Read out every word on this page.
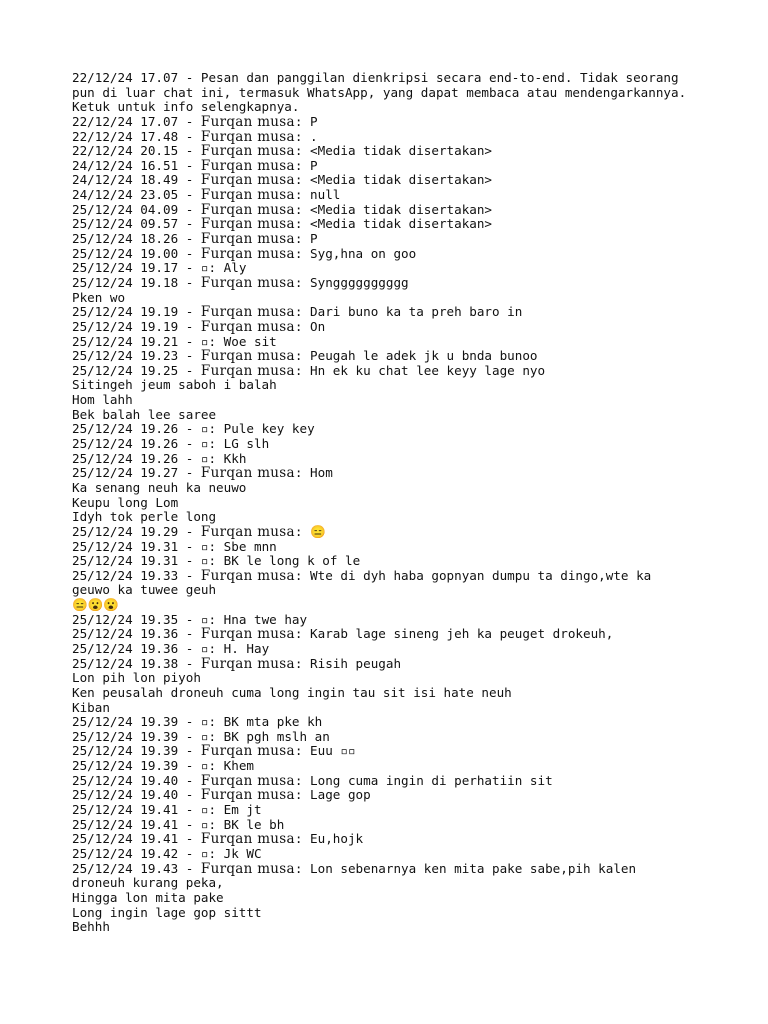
22/12/24 17.07 - Pesan dan panggilan dienkripsi secara end-to-end. Tidak seorang
pun di luar chat ini, termasuk WhatsApp, yang dapat membaca atau mendengarkannya.
Ketuk untuk info selengkapnya.
22/12/24 17.07 - Furqan musa: P
22/12/24 17.48 - Furqan musa: .
22/12/24 20.15 - Furqan musa: <Media tidak disertakan>
24/12/24 16.51 - Furqan musa: P
24/12/24 18.49 - Furqan musa: <Media tidak disertakan>
24/12/24 23.05 - Furqan musa: null
25/12/24 04.09 - Furqan musa: <Media tidak disertakan>
25/12/24 09.57 - Furqan musa: <Media tidak disertakan>
25/12/24 18.26 - Furqan musa: P
25/12/24 19.00 - Furqan musa: Syg,hna on goo
25/12/24 19.17 - ▫: Aly
25/12/24 19.18 - Furqan musa: Syngggggggggg
Pken wo
25/12/24 19.19 - Furqan musa: Dari buno ka ta preh baro in
25/12/24 19.19 - Furqan musa: On
25/12/24 19.21 - ▫: Woe sit
25/12/24 19.23 - Furqan musa: Peugah le adek jk u bnda bunoo
25/12/24 19.25 - Furqan musa: Hn ek ku chat lee keyy lage nyo
Sitingeh jeum saboh i balah
Hom lahh
Bek balah lee saree
25/12/24 19.26 - ▫: Pule key key
25/12/24 19.26 - ▫: LG slh
25/12/24 19.26 - ▫: Kkh
25/12/24 19.27 - Furqan musa: Hom
Ka senang neuh ka neuwo
Keupu long Lom
Idyh tok perle long
25/12/24 19.29 - Furqan musa: 😑
25/12/24 19.31 - ▫: Sbe mnn
25/12/24 19.31 - ▫: BK le long k of le
25/12/24 19.33 - Furqan musa: Wte di dyh haba gopnyan dumpu ta dingo,wte ka
geuwo ka tuwee geuh
😑😮😮
25/12/24 19.35 - ▫: Hna twe hay
25/12/24 19.36 - Furqan musa: Karab lage sineng jeh ka peuget drokeuh,
25/12/24 19.36 - ▫: H. Hay
25/12/24 19.38 - Furqan musa: Risih peugah
Lon pih lon piyoh
Ken peusalah droneuh cuma long ingin tau sit isi hate neuh
Kiban
25/12/24 19.39 - ▫: BK mta pke kh
25/12/24 19.39 - ▫: BK pgh mslh an
25/12/24 19.39 - Furqan musa: Euu ▫▫
25/12/24 19.39 - ▫: Khem
25/12/24 19.40 - Furqan musa: Long cuma ingin di perhatiin sit
25/12/24 19.40 - Furqan musa: Lage gop
25/12/24 19.41 - ▫: Em jt
25/12/24 19.41 - ▫: BK le bh
25/12/24 19.41 - Furqan musa: Eu,hojk
25/12/24 19.42 - ▫: Jk WC
25/12/24 19.43 - Furqan musa: Lon sebenarnya ken mita pake sabe,pih kalen
droneuh kurang peka,
Hingga lon mita pake
Long ingin lage gop sittt
Behhh
